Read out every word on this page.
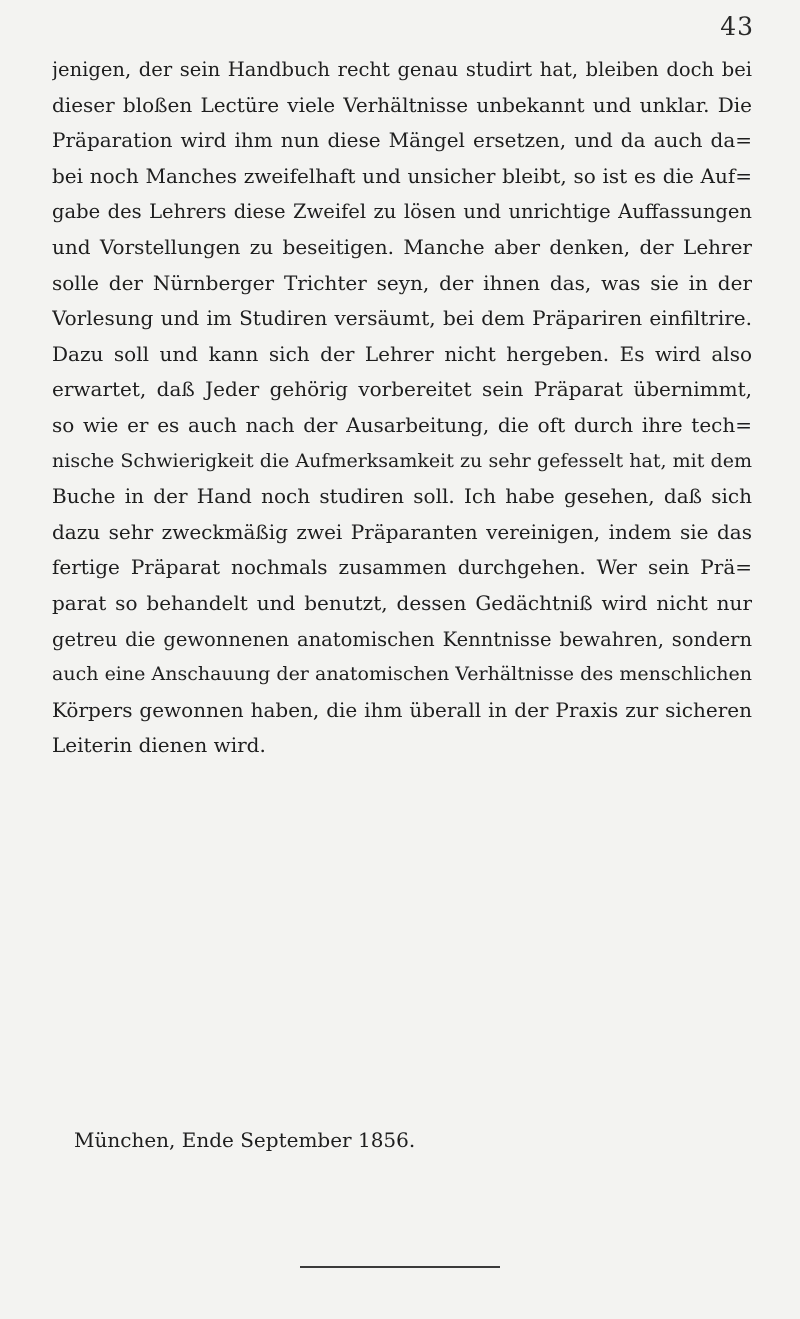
43
jenigen, der sein Handbuch recht genau studirt hat, bleiben doch bei
dieser bloßen Lectüre viele Verhältnisse unbekannt und unklar. Die
Präparation wird ihm nun diese Mängel ersetzen, und da auch da=
bei noch Manches zweifelhaft und unsicher bleibt, so ist es die Auf=
gabe des Lehrers diese Zweifel zu lösen und unrichtige Auffassungen
und Vorstellungen zu beseitigen. Manche aber denken, der Lehrer
solle der Nürnberger Trichter seyn, der ihnen das, was sie in der
Vorlesung und im Studiren versäumt, bei dem Präpariren einfiltrire.
Dazu soll und kann sich der Lehrer nicht hergeben. Es wird also
erwartet, daß Jeder gehörig vorbereitet sein Präparat übernimmt,
so wie er es auch nach der Ausarbeitung, die oft durch ihre tech=
nische Schwierigkeit die Aufmerksamkeit zu sehr gefesselt hat, mit dem
Buche in der Hand noch studiren soll. Ich habe gesehen, daß sich
dazu sehr zweckmäßig zwei Präparanten vereinigen, indem sie das
fertige Präparat nochmals zusammen durchgehen. Wer sein Prä=
parat so behandelt und benutzt, dessen Gedächtniß wird nicht nur
getreu die gewonnenen anatomischen Kenntnisse bewahren, sondern
auch eine Anschauung der anatomischen Verhältnisse des menschlichen
Körpers gewonnen haben, die ihm überall in der Praxis zur sicheren
Leiterin dienen wird.
München, Ende September 1856.
